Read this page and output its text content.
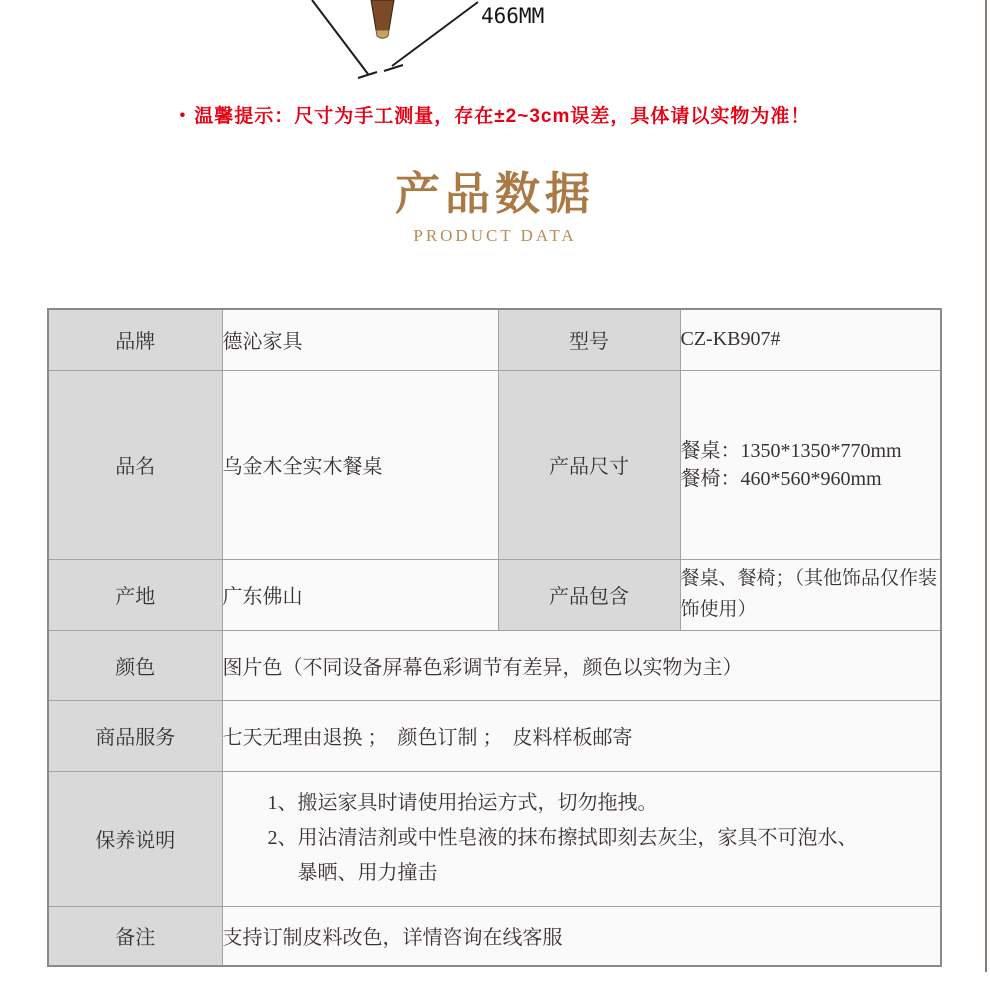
466MM
• 温馨提示：尺寸为手工测量，存在±2~3cm误差，具体请以实物为准！
产品数据
PRODUCT DATA
品牌	德沁家具	型号	CZ-KB907#
品名	乌金木全实木餐桌	产品尺寸	餐桌：1350*1350*770mm
餐椅：460*560*960mm

产地	广东佛山	产品包含	餐桌、餐椅；（其他饰品仅作装饰使用）
颜色	图片色（不同设备屏幕色彩调节有差异，颜色以实物为主）		
商品服务	七天无理由退换 ；  颜色订制 ；  皮料样板邮寄		
保养说明	1、搬运家具时请使用抬运方式，切勿拖拽。
2、用沾清洁剂或中性皂液的抹布擦拭即刻去灰尘，家具不可泡水、
暴晒、用力撞击		

备注	支持订制皮料改色，详情咨询在线客服		
